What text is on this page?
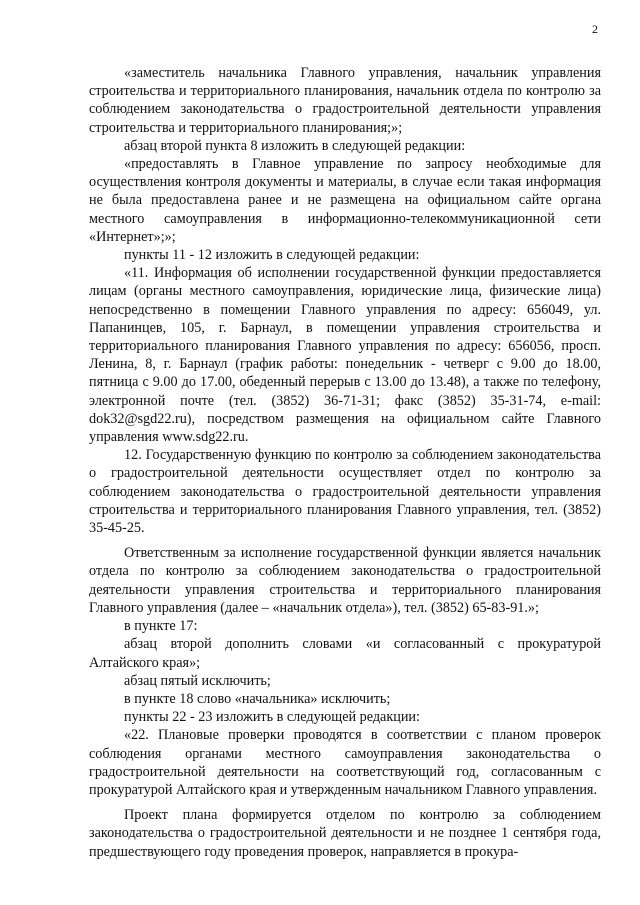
2

«заместитель начальника Главного управления, начальник управления строительства и территориального планирования, начальник отдела по контролю за соблюдением законодательства о градостроительной деятельности управления строительства и территориального планирования;»;

абзац второй пункта 8 изложить в следующей редакции:

«предоставлять в Главное управление по запросу необходимые для осуществления контроля документы и материалы, в случае если такая информация не была предоставлена ранее и не размещена на официальном сайте органа местного самоуправления в информационно-телекоммуникационной сети «Интернет»;»;

пункты 11 - 12 изложить в следующей редакции:

«11. Информация об исполнении государственной функции предоставляется лицам (органы местного самоуправления, юридические лица, физические лица) непосредственно в помещении Главного управления по адресу: 656049, ул. Папанинцев, 105, г. Барнаул, в помещении управления строительства и территориального планирования Главного управления по адресу: 656056, просп. Ленина, 8, г. Барнаул (график работы: понедельник - четверг с 9.00 до 18.00, пятница с 9.00 до 17.00, обеденный перерыв с 13.00 до 13.48), а также по телефону, электронной почте (тел. (3852) 36-71-31; факс (3852) 35-31-74, e-mail: dok32@sgd22.ru), посредством размещения на официальном сайте Главного управления www.sdg22.ru.

12. Государственную функцию по контролю за соблюдением законодательства о градостроительной деятельности осуществляет отдел по контролю за соблюдением законодательства о градостроительной деятельности управления строительства и территориального планирования Главного управления, тел. (3852) 35-45-25.

Ответственным за исполнение государственной функции является начальник отдела по контролю за соблюдением законодательства о градостроительной деятельности управления строительства и территориального планирования Главного управления (далее – «начальник отдела»), тел. (3852) 65-83-91.»;

в пункте 17:

абзац второй дополнить словами «и согласованный с прокуратурой Алтайского края»;

абзац пятый исключить;

в пункте 18 слово «начальника» исключить;

пункты 22 - 23 изложить в следующей редакции:

«22. Плановые проверки проводятся в соответствии с планом проверок соблюдения органами местного самоуправления законодательства о градостроительной деятельности на соответствующий год, согласованным с прокуратурой Алтайского края и утвержденным начальником Главного управления.

Проект плана формируется отделом по контролю за соблюдением законодательства о градостроительной деятельности и не позднее 1 сентября года, предшествующего году проведения проверок, направляется в прокура-
